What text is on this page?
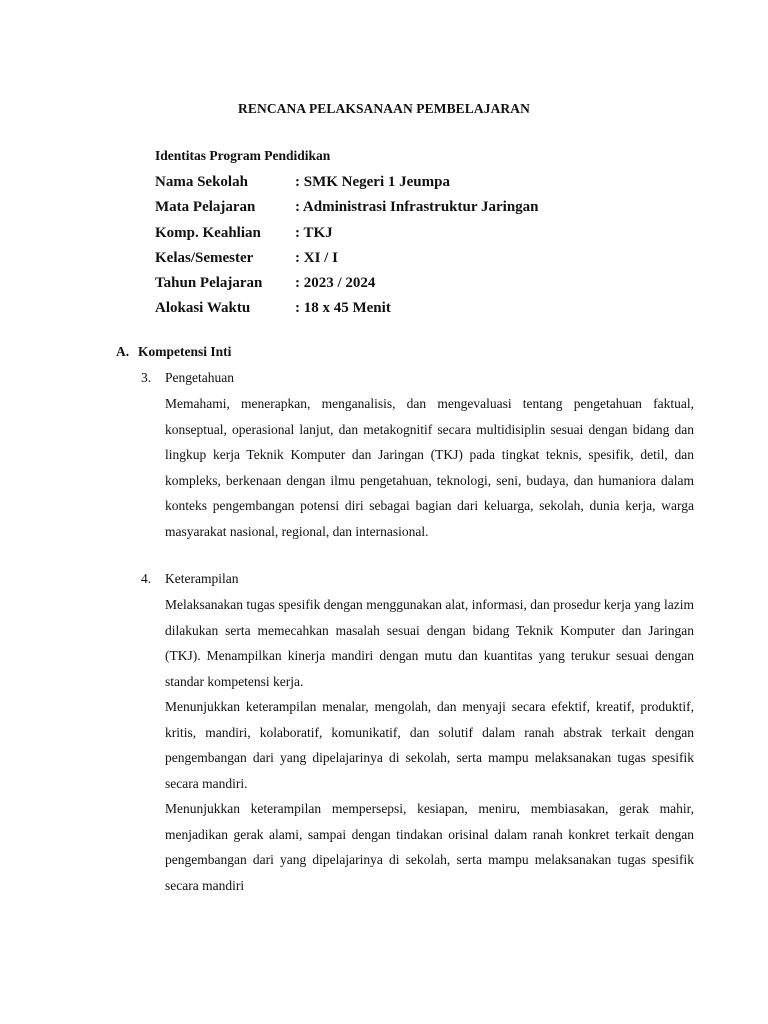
RENCANA PELAKSANAAN PEMBELAJARAN
Identitas Program Pendidikan
Nama Sekolah	: SMK Negeri 1 Jeumpa
Mata Pelajaran	: Administrasi Infrastruktur Jaringan
Komp. Keahlian : TKJ
Kelas/Semester	: XI / I
Tahun Pelajaran : 2023 / 2024
Alokasi Waktu	: 18 x 45 Menit
A. Kompetensi Inti
3. Pengetahuan

Memahami, menerapkan, menganalisis, dan mengevaluasi tentang pengetahuan faktual, konseptual, operasional lanjut, dan metakognitif secara multidisiplin sesuai dengan bidang dan lingkup kerja Teknik Komputer dan Jaringan (TKJ) pada tingkat teknis, spesifik, detil, dan kompleks, berkenaan dengan ilmu pengetahuan, teknologi, seni, budaya, dan humaniora dalam konteks pengembangan potensi diri sebagai bagian dari keluarga, sekolah, dunia kerja, warga masyarakat nasional, regional, dan internasional.

4. Keterampilan

Melaksanakan tugas spesifik dengan menggunakan alat, informasi, dan prosedur kerja yang lazim dilakukan serta memecahkan masalah sesuai dengan bidang Teknik Komputer dan Jaringan (TKJ). Menampilkan kinerja mandiri dengan mutu dan kuantitas yang terukur sesuai dengan standar kompetensi kerja.

Menunjukkan keterampilan menalar, mengolah, dan menyaji secara efektif, kreatif, produktif, kritis, mandiri, kolaboratif, komunikatif, dan solutif dalam ranah abstrak terkait dengan pengembangan dari yang dipelajarinya di sekolah, serta mampu melaksanakan tugas spesifik secara mandiri.

Menunjukkan keterampilan mempersepsi, kesiapan, meniru, membiasakan, gerak mahir, menjadikan gerak alami, sampai dengan tindakan orisinal dalam ranah konkret terkait dengan pengembangan dari yang dipelajarinya di sekolah, serta mampu melaksanakan tugas spesifik secara mandiri
